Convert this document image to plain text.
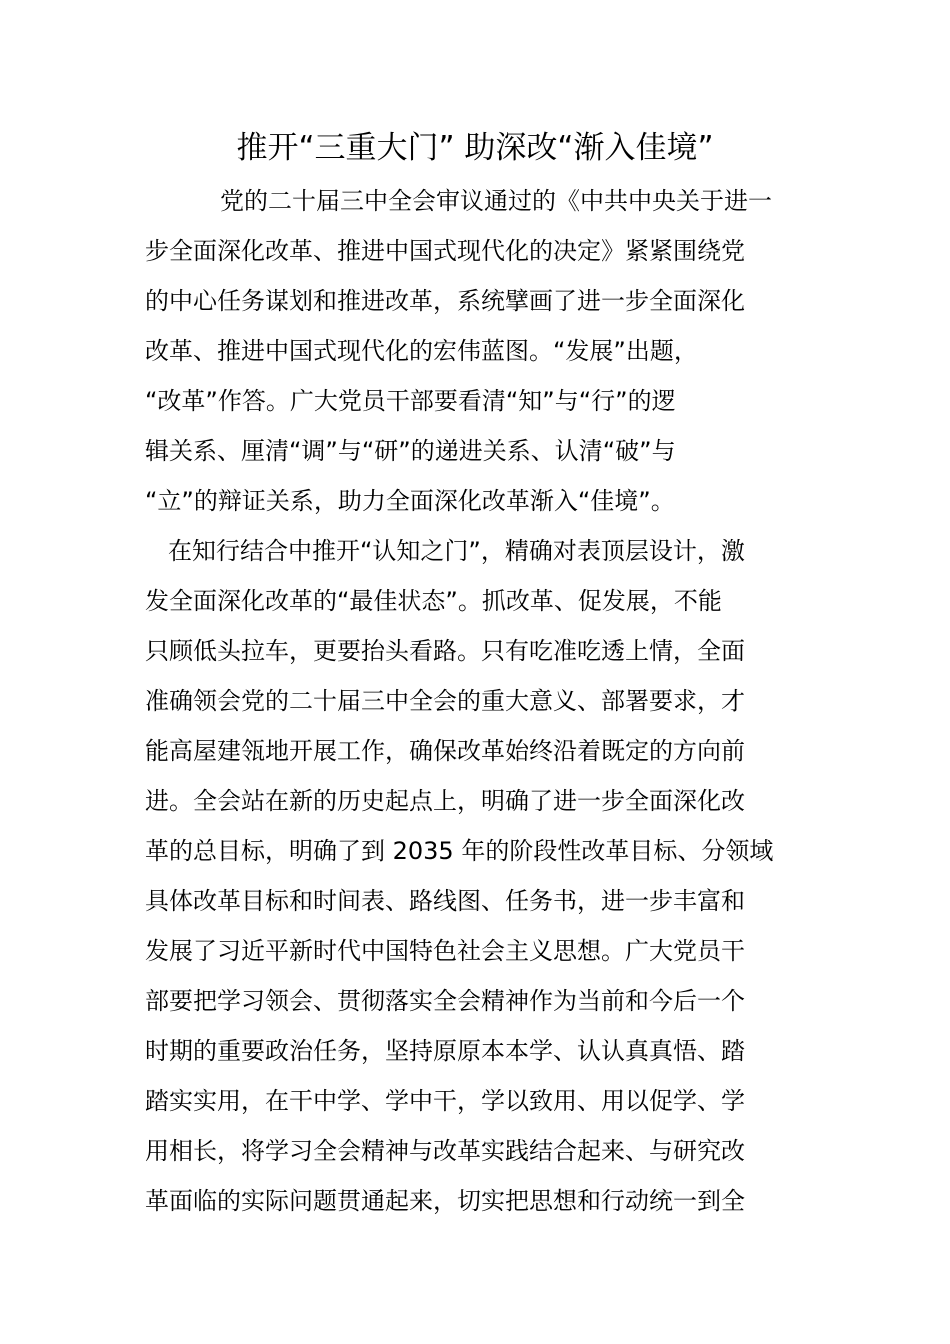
推开“三重大门” 助深改“渐入佳境”

党的二十届三中全会审议通过的《中共中央关于进一

步全面深化改革、推进中国式现代化的决定》紧紧围绕党

的中心任务谋划和推进改革，系统擘画了进一步全面深化

改革、推进中国式现代化的宏伟蓝图。“发展”出题，

“改革”作答。广大党员干部要看清“知”与“行”的逻

辑关系、厘清“调”与“研”的递进关系、认清“破”与

“立”的辩证关系，助力全面深化改革渐入“佳境”。

在知行结合中推开“认知之门”，精确对表顶层设计，激

发全面深化改革的“最佳状态”。抓改革、促发展，不能

只顾低头拉车，更要抬头看路。只有吃准吃透上情，全面

准确领会党的二十届三中全会的重大意义、部署要求，才

能高屋建瓴地开展工作，确保改革始终沿着既定的方向前

进。全会站在新的历史起点上，明确了进一步全面深化改

革的总目标，明确了到 2035 年的阶段性改革目标、分领域

具体改革目标和时间表、路线图、任务书，进一步丰富和

发展了习近平新时代中国特色社会主义思想。广大党员干

部要把学习领会、贯彻落实全会精神作为当前和今后一个

时期的重要政治任务，坚持原原本本学、认认真真悟、踏

踏实实用，在干中学、学中干，学以致用、用以促学、学

用相长，将学习全会精神与改革实践结合起来、与研究改

革面临的实际问题贯通起来，切实把思想和行动统一到全
